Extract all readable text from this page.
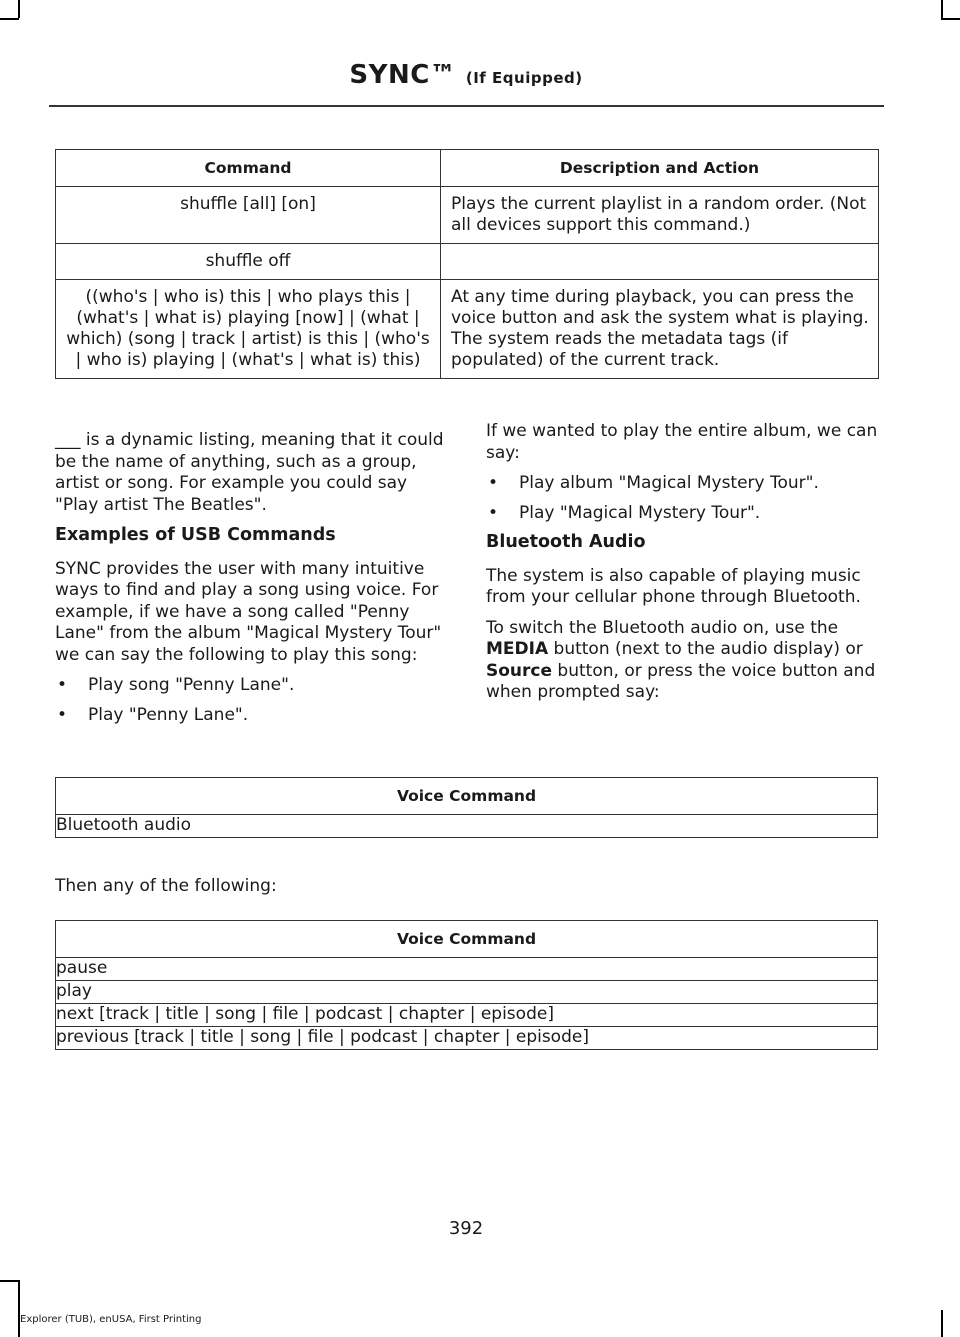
SYNC™ (If Equipped)
Command	Description and Action
shuffle [all] [on]	Plays the current playlist in a random order. (Not all devices support this command.)
shuffle off	
((who's | who is) this | who plays this | (what's | what is) playing [now] | (what | which) (song | track | artist) is this | (who's | who is) playing | (what's | what is) this)	At any time during playback, you can press the voice button and ask the system what is playing. The system reads the metadata tags (if populated) of the current track.

___ is a dynamic listing, meaning that it could be the name of anything, such as a group, artist or song. For example you could say "Play artist The Beatles".

Examples of USB Commands

SYNC provides the user with many intuitive ways to find and play a song using voice. For example, if we have a song called "Penny Lane" from the album "Magical Mystery Tour" we can say the following to play this song:

• Play song "Penny Lane".
• Play "Penny Lane".

If we wanted to play the entire album, we can say:

• Play album "Magical Mystery Tour".
• Play "Magical Mystery Tour".
Bluetooth Audio

The system is also capable of playing music from your cellular phone through Bluetooth.

To switch the Bluetooth audio on, use the MEDIA button (next to the audio display) or Source button, or press the voice button and when prompted say:

Voice Command
Bluetooth audio
Then any of the following:
Voice Command
pause
play
next [track | title | song | file | podcast | chapter | episode]
previous [track | title | song | file | podcast | chapter | episode]
392
Explorer (TUB), enUSA, First Printing
